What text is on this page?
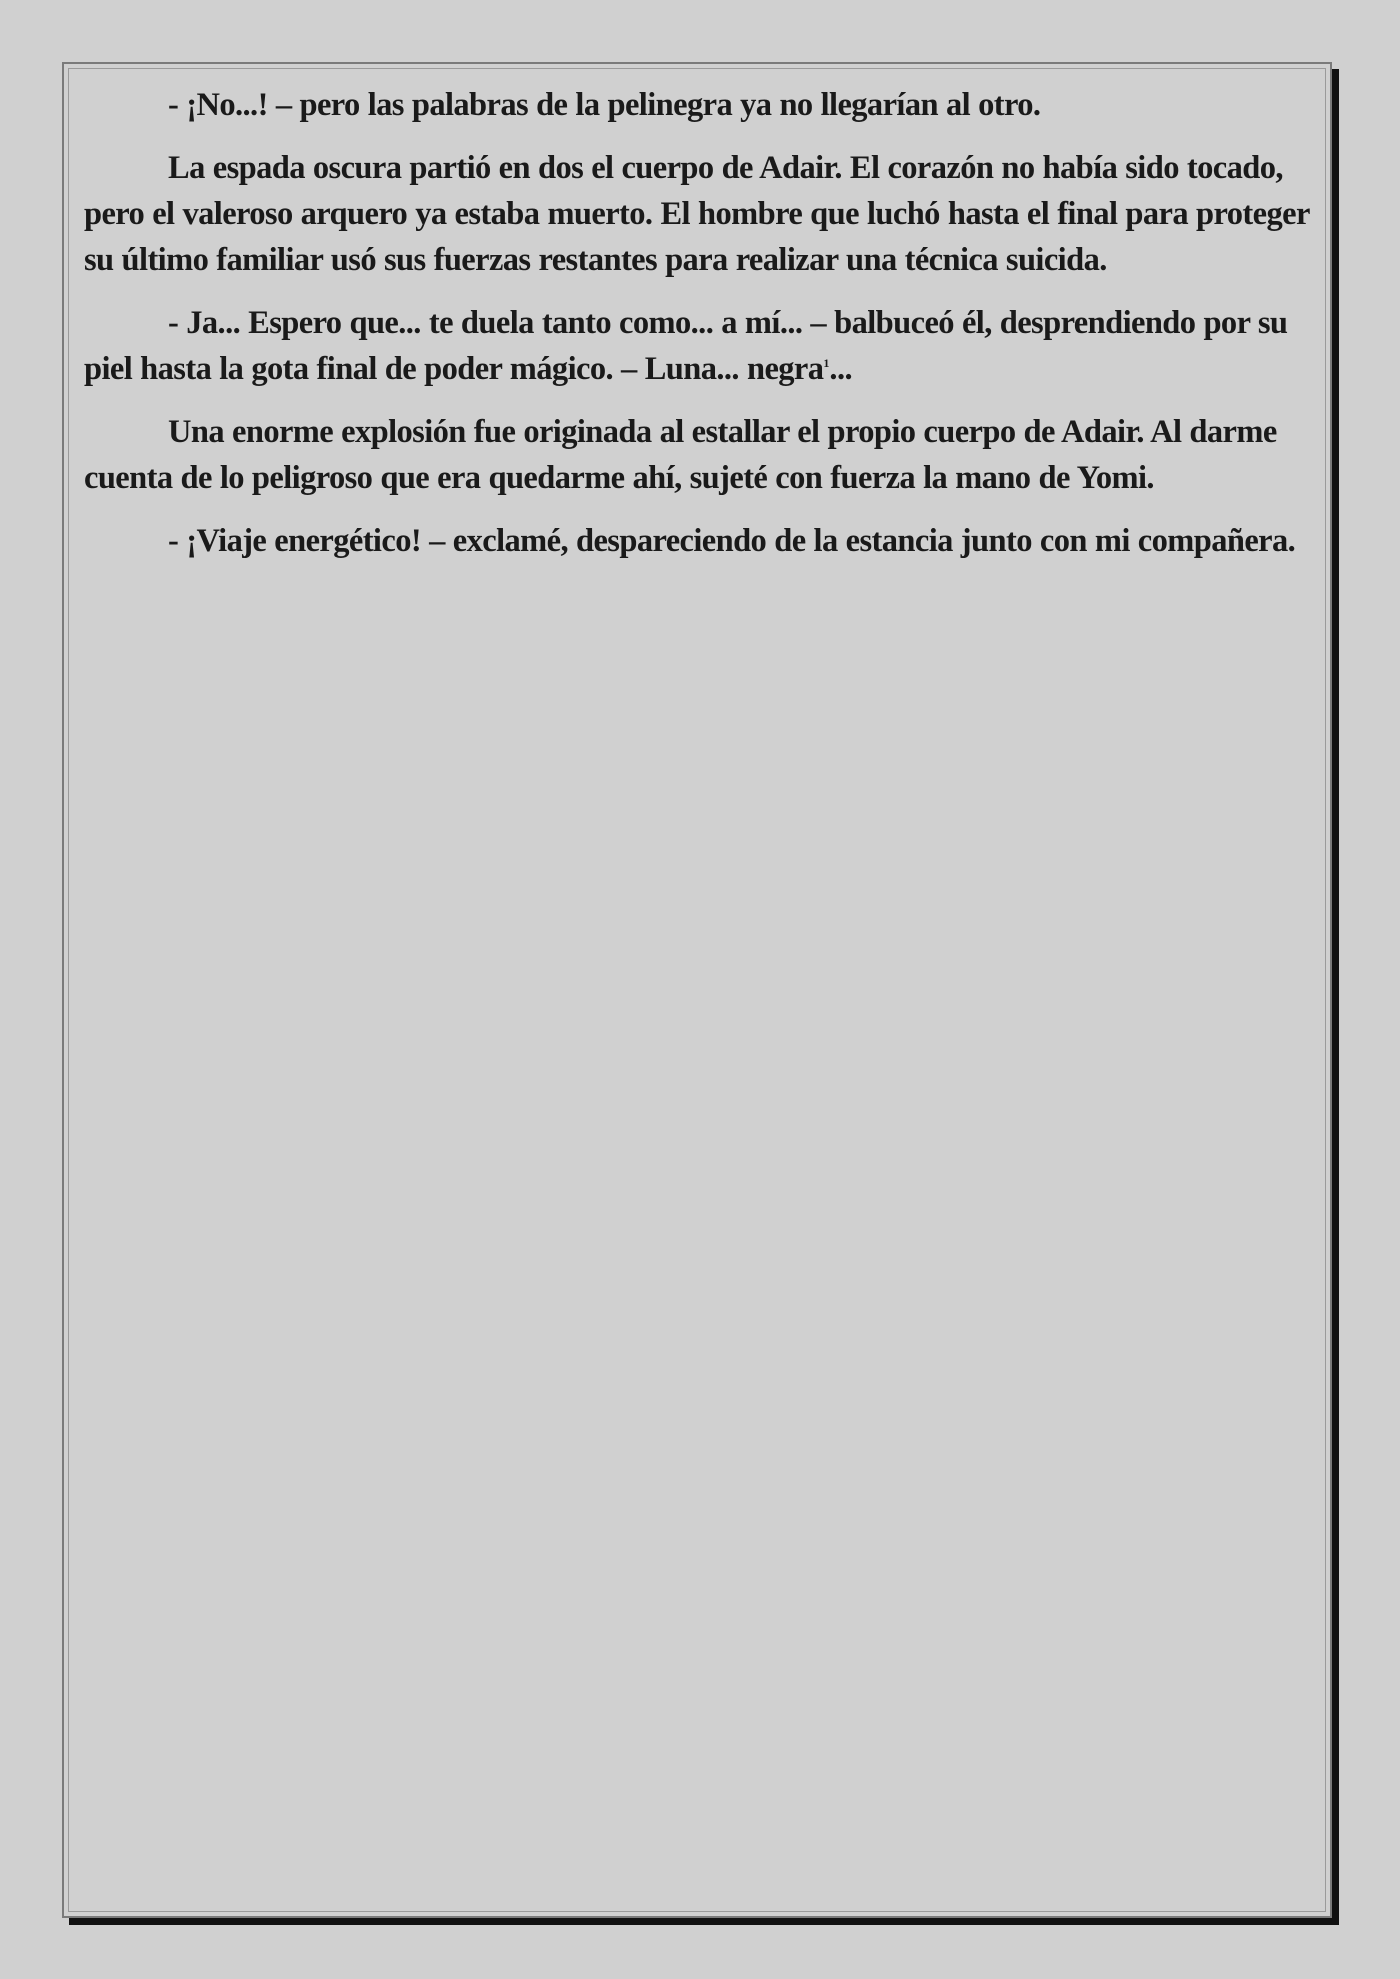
- ¡No...! – pero las palabras de la pelinegra ya no llegarían al otro.

La espada oscura partió en dos el cuerpo de Adair. El corazón no había sido tocado, pero el valeroso arquero ya estaba muerto. El hombre que luchó hasta el final para proteger su último familiar usó sus fuerzas restantes para realizar una técnica suicida.

- Ja... Espero que... te duela tanto como... a mí... – balbuceó él, desprendiendo por su piel hasta la gota final de poder mágico. – Luna... negra$^1$...

Una enorme explosión fue originada al estallar el propio cuerpo de Adair. Al darme cuenta de lo peligroso que era quedarme ahí, sujeté con fuerza la mano de Yomi.

- ¡Viaje energético! – exclamé, despareciendo de la estancia junto con mi compañera.
